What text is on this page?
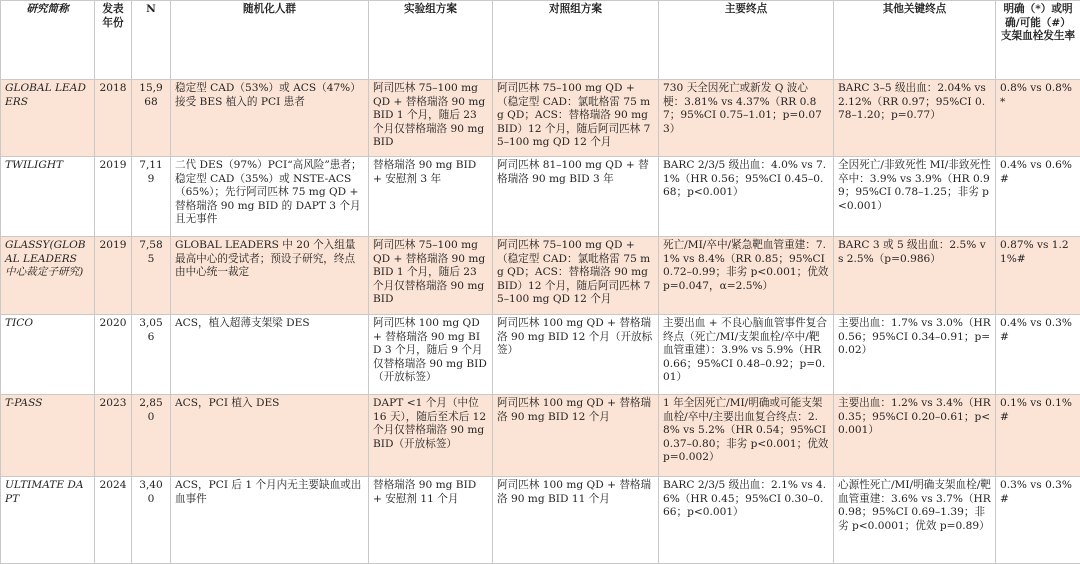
研究简称	发表年份	N	随机化人群	实验组方案	对照组方案	主要终点	其他关键终点	明确（*）或明确/可能（#）支架血栓发生率
GLOBAL LEADERS	2018	15,968	稳定型 CAD（53%）或 ACS（47%）接受 BES 植入的 PCI 患者	阿司匹林 75–100 mg QD + 替格瑞洛 90 mg BID 1 个月，随后 23 个月仅替格瑞洛 90 mg BID	阿司匹林 75–100 mg QD +（稳定型 CAD：氯吡格雷 75 mg QD；ACS：替格瑞洛 90 mg BID）12 个月，随后阿司匹林 75–100 mg QD 12 个月	730 天全因死亡或新发 Q 波心梗：3.81% vs 4.37%（RR 0.87；95%CI 0.75–1.01；p=0.073）	BARC 3–5 级出血：2.04% vs 2.12%（RR 0.97；95%CI 0.78–1.20；p=0.77）	0.8% vs 0.8%*
TWILIGHT	2019	7,119	二代 DES（97%）PCI“高风险”患者；稳定型 CAD（35%）或 NSTE-ACS（65%）；先行阿司匹林 75 mg QD + 替格瑞洛 90 mg BID 的 DAPT 3 个月且无事件	替格瑞洛 90 mg BID + 安慰剂 3 年	阿司匹林 81–100 mg QD + 替格瑞洛 90 mg BID 3 年	BARC 2/3/5 级出血：4.0% vs 7.1%（HR 0.56；95%CI 0.45–0.68；p<0.001）	全因死亡/非致死性 MI/非致死性卒中：3.9% vs 3.9%（HR 0.99；95%CI 0.78–1.25；非劣 p<0.001）	0.4% vs 0.6%#
GLASSY(GLOBAL LEADERS 中心裁定子研究)	2019	7,585	GLOBAL LEADERS 中 20 个入组量最高中心的受试者；预设子研究，终点由中心统一裁定	阿司匹林 75–100 mg QD + 替格瑞洛 90 mg BID 1 个月，随后 23 个月仅替格瑞洛 90 mg BID	阿司匹林 75–100 mg QD +（稳定型 CAD：氯吡格雷 75 mg QD；ACS：替格瑞洛 90 mg BID）12 个月，随后阿司匹林 75–100 mg QD 12 个月	死亡/MI/卒中/紧急靶血管重建：7.1% vs 8.4%（RR 0.85；95%CI 0.72–0.99；非劣 p<0.001；优效 p=0.047，α=2.5%）	BARC 3 或 5 级出血：2.5% vs 2.5%（p=0.986）	0.87% vs 1.21%#
TICO	2020	3,056	ACS，植入超薄支架梁 DES	阿司匹林 100 mg QD + 替格瑞洛 90 mg BID 3 个月，随后 9 个月仅替格瑞洛 90 mg BID（开放标签）	阿司匹林 100 mg QD + 替格瑞洛 90 mg BID 12 个月（开放标签）	主要出血 + 不良心脑血管事件复合终点（死亡/MI/支架血栓/卒中/靶血管重建）：3.9% vs 5.9%（HR 0.66；95%CI 0.48–0.92；p=0.01）	主要出血：1.7% vs 3.0%（HR 0.56；95%CI 0.34–0.91；p=0.02）	0.4% vs 0.3%#
T-PASS	2023	2,850	ACS，PCI 植入 DES	DAPT <1 个月（中位 16 天），随后至术后 12 个月仅替格瑞洛 90 mg BID（开放标签）	阿司匹林 100 mg QD + 替格瑞洛 90 mg BID 12 个月	1 年全因死亡/MI/明确或可能支架血栓/卒中/主要出血复合终点：2.8% vs 5.2%（HR 0.54；95%CI 0.37–0.80；非劣 p<0.001；优效 p=0.002）	主要出血：1.2% vs 3.4%（HR 0.35；95%CI 0.20–0.61；p<0.001）	0.1% vs 0.1%#
ULTIMATE DAPT	2024	3,400	ACS，PCI 后 1 个月内无主要缺血或出血事件	替格瑞洛 90 mg BID + 安慰剂 11 个月	阿司匹林 100 mg QD + 替格瑞洛 90 mg BID 11 个月	BARC 2/3/5 级出血：2.1% vs 4.6%（HR 0.45；95%CI 0.30–0.66；p<0.001）	心源性死亡/MI/明确支架血栓/靶血管重建：3.6% vs 3.7%（HR 0.98；95%CI 0.69–1.39；非劣 p<0.0001；优效 p=0.89）	0.3% vs 0.3%#
